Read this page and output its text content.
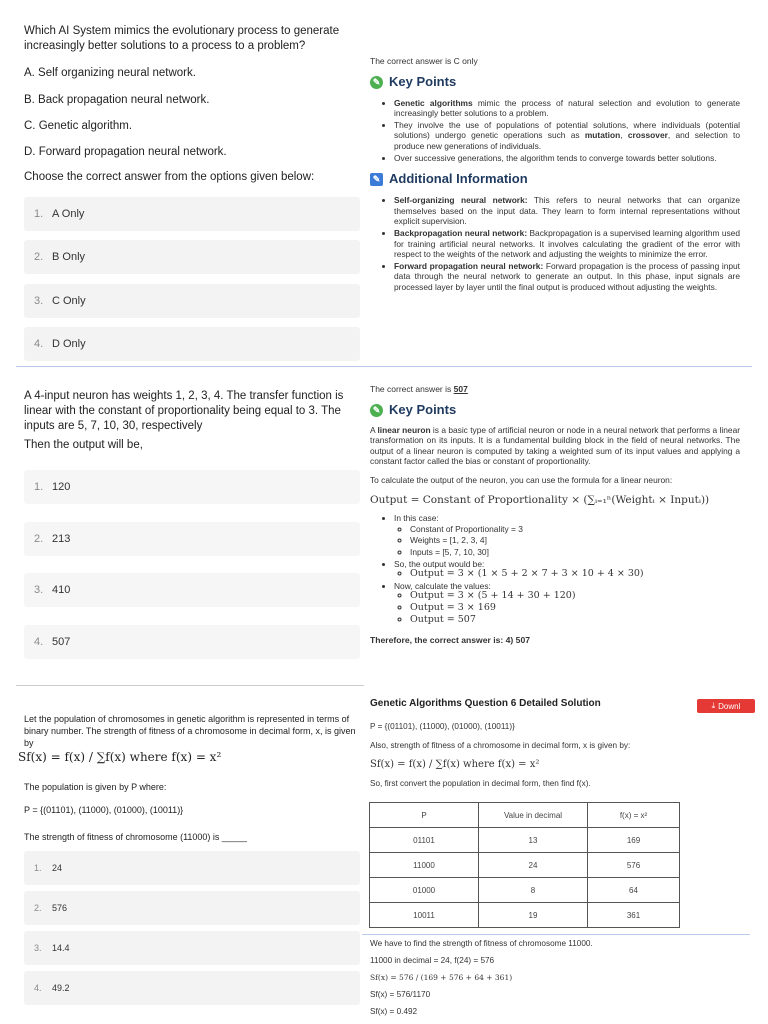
Which AI System mimics the evolutionary process to generate increasingly better solutions to a process to a problem?
A. Self organizing neural network.
B. Back propagation neural network.
C. Genetic algorithm.
D. Forward propagation neural network.
Choose the correct answer from the options given below:
1. A Only
2. B Only
3. C Only
4. D Only
The correct answer is C only
✎ Key Points
• Genetic algorithms mimic the process of natural selection and evolution to generate increasingly better solutions to a problem.
• They involve the use of populations of potential solutions, where individuals (potential solutions) undergo genetic operations such as mutation, crossover, and selection to produce new generations of individuals.
• Over successive generations, the algorithm tends to converge towards better solutions.
✎ Additional Information
• Self-organizing neural network: This refers to neural networks that can organize themselves based on the input data. They learn to form internal representations without explicit supervision.
• Backpropagation neural network: Backpropagation is a supervised learning algorithm used for training artificial neural networks. It involves calculating the gradient of the error with respect to the weights of the network and adjusting the weights to minimize the error.
• Forward propagation neural network: Forward propagation is the process of passing input data through the neural network to generate an output. In this phase, input signals are processed layer by layer until the final output is produced without adjusting the weights.
A 4-input neuron has weights 1, 2, 3, 4. The transfer function is linear with the constant of proportionality being equal to 3. The inputs are 5, 7, 10, 30, respectively
Then the output will be,
1. 120
2. 213
3. 410
4. 507
The correct answer is 507
✎ Key Points
A linear neuron is a basic type of artificial neuron or node in a neural network that performs a linear transformation on its inputs. It is a fundamental building block in the field of neural networks. The output of a linear neuron is computed by taking a weighted sum of its input values and applying a constant factor called the bias or constant of proportionality.
To calculate the output of the neuron, you can use the formula for a linear neuron:
Output = Constant of Proportionality × (∑ᵢ₌₁ⁿ(Weightᵢ × Inputᵢ))
• In this case:
◦ Constant of Proportionality = 3
◦ Weights = [1, 2, 3, 4]
◦ Inputs = [5, 7, 10, 30]
• So, the output would be:
◦ Output = 3 × (1 × 5 + 2 × 7 + 3 × 10 + 4 × 30)
• Now, calculate the values:
◦ Output = 3 × (5 + 14 + 30 + 120)
◦ Output = 3 × 169
◦ Output = 507
Therefore, the correct answer is: 4) 507
Let the population of chromosomes in genetic algorithm is represented in terms of binary number. The strength of fitness of a chromosome in decimal form, x, is given by
Sf(x) = f(x) / ∑f(x) where f(x) = x²
The population is given by P where:
P = {(01101), (11000), (01000), (10011)}
The strength of fitness of chromosome (11000) is _____
1.	24
2.	576
3.	14.4
4.	49.2
Genetic Algorithms Question 6 Detailed Solution	⤓ Downl
P = {(01101), (11000), (01000), (10011)}
Also, strength of fitness of a chromosome in decimal form, x is given by:
Sf(x) = f(x) / ∑f(x) where f(x) = x²
So, first convert the population in decimal form, then find f(x).
P	Value in decimal	f(x) = x²
01101	13	169
11000	24	576
01000	8	64
10011	19	361
We have to find the strength of fitness of chromosome 11000.
11000 in decimal = 24, f(24) = 576
Sf(x) = 576 / (169 + 576 + 64 + 361)
Sf(x) = 576/1170
Sf(x) = 0.492
